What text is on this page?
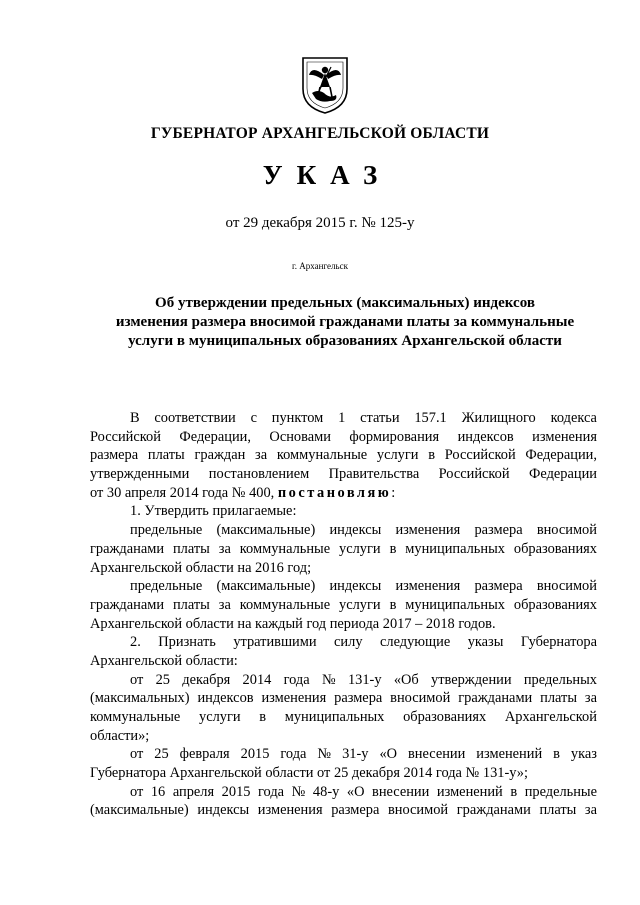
ГУБЕРНАТОР АРХАНГЕЛЬСКОЙ ОБЛАСТИ
УКАЗ
от 29 декабря 2015 г. № 125-у
г. Архангельск
Об утверждении предельных (максимальных) индексов
изменения размера вносимой гражданами платы за коммунальные
услуги в муниципальных образованиях Архангельской области
В соответствии с пунктом 1 статьи 157.1 Жилищного кодекса
Российской Федерации, Основами формирования индексов изменения
размера платы граждан за коммунальные услуги в Российской Федерации,
утвержденными постановлением Правительства Российской Федерации
от 30 апреля 2014 года № 400, постановляю:
1. Утвердить прилагаемые:
предельные (максимальные) индексы изменения размера вносимой
гражданами платы за коммунальные услуги в муниципальных образованиях
Архангельской области на 2016 год;
предельные (максимальные) индексы изменения размера вносимой
гражданами платы за коммунальные услуги в муниципальных образованиях
Архангельской области на каждый год периода 2017 – 2018 годов.
2. Признать утратившими силу следующие указы Губернатора
Архангельской области:
от 25 декабря 2014 года № 131-у «Об утверждении предельных
(максимальных) индексов изменения размера вносимой гражданами платы за
коммунальные услуги в муниципальных образованиях Архангельской
области»;
от 25 февраля 2015 года № 31-у «О внесении изменений в указ
Губернатора Архангельской области от 25 декабря 2014 года № 131-у»;
от 16 апреля 2015 года № 48-у «О внесении изменений в предельные
(максимальные) индексы изменения размера вносимой гражданами платы за
